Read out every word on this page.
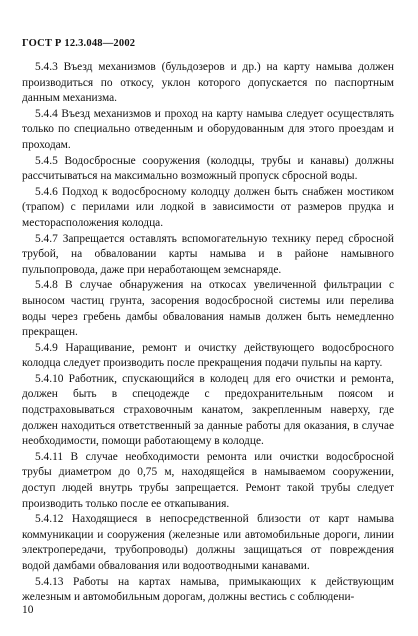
ГОСТ Р 12.3.048—2002

5.4.3 Въезд механизмов (бульдозеров и др.) на карту намыва должен производиться по откосу, уклон которого допускается по паспортным данным механизма.

5.4.4 Въезд механизмов и проход на карту намыва следует осуществлять только по специально отведенным и оборудованным для этого проездам и проходам.

5.4.5 Водосбросные сооружения (колодцы, трубы и канавы) должны рассчитываться на максимально возможный пропуск сбросной воды.

5.4.6 Подход к водосбросному колодцу должен быть снабжен мостиком (трапом) с перилами или лодкой в зависимости от размеров прудка и месторасположения колодца.

5.4.7 Запрещается оставлять вспомогательную технику перед сбросной трубой, на обваловании карты намыва и в районе намывного пульпопровода, даже при неработающем земснаряде.

5.4.8 В случае обнаружения на откосах увеличенной фильтрации с выносом частиц грунта, засорения водосбросной системы или перелива воды через гребень дамбы обвалования намыв должен быть немедленно прекращен.

5.4.9 Наращивание, ремонт и очистку действующего водосбросного колодца следует производить после прекращения подачи пульпы на карту.

5.4.10 Работник, спускающийся в колодец для его очистки и ремонта, должен быть в спецодежде с предохранительным поясом и подстраховываться страховочным канатом, закрепленным наверху, где должен находиться ответственный за данные работы для оказания, в случае необходимости, помощи работающему в колодце.

5.4.11 В случае необходимости ремонта или очистки водосбросной трубы диаметром до 0,75 м, находящейся в намываемом сооружении, доступ людей внутрь трубы запрещается. Ремонт такой трубы следует производить только после ее откапывания.

5.4.12 Находящиеся в непосредственной близости от карт намыва коммуникации и сооружения (железные или автомобильные дороги, линии электропередачи, трубопроводы) должны защищаться от повреждения водой дамбами обвалования или водоотводными канавами.

5.4.13 Работы на картах намыва, примыкающих к действующим железным и автомобильным дорогам, должны вестись с соблюдени-

10
